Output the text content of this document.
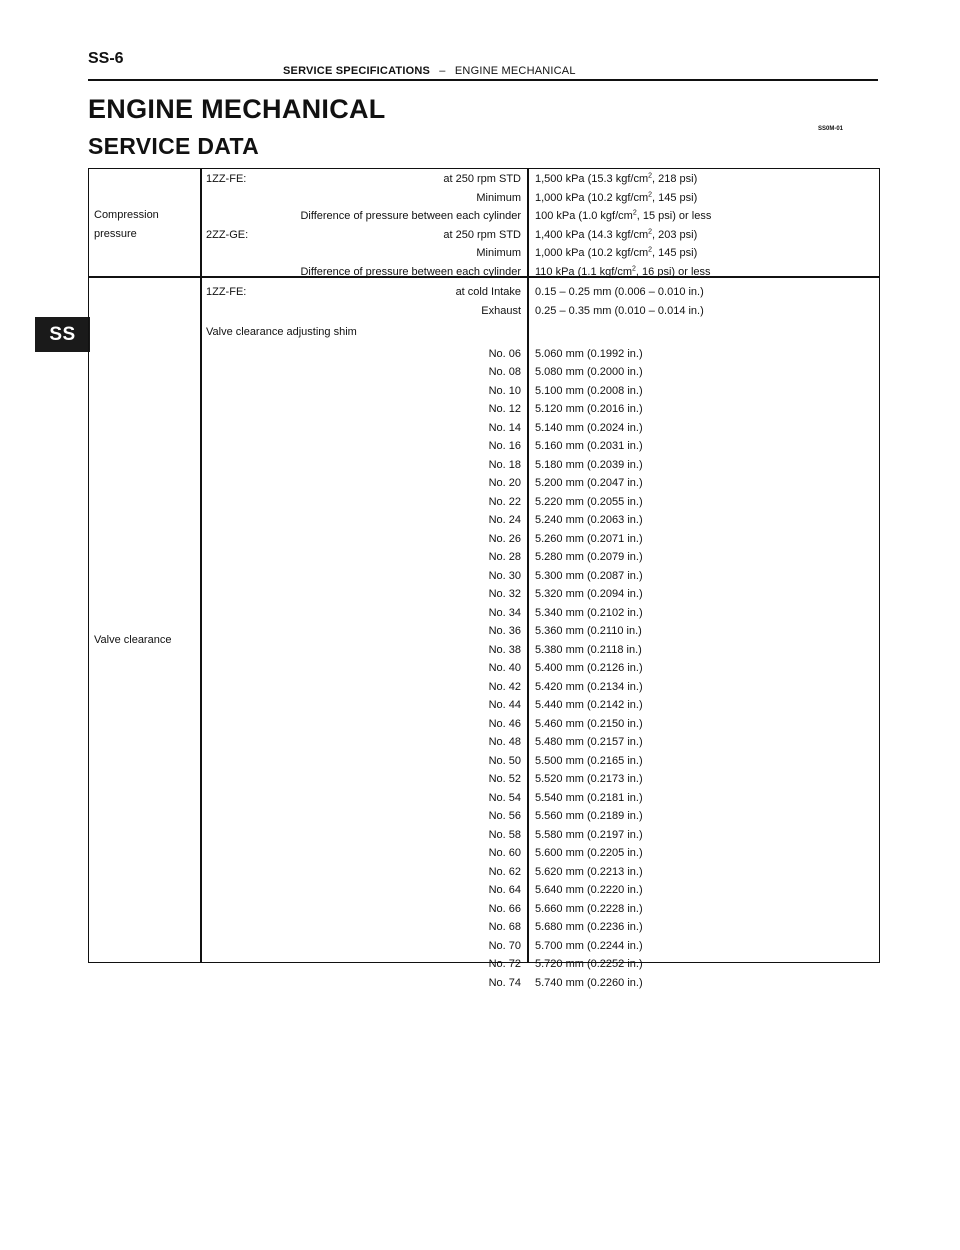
SS-6
SERVICE SPECIFICATIONS – ENGINE MECHANICAL
ENGINE MECHANICAL
SERVICE DATA
SS0M-01
SS
Compression
pressure
1ZZ-FE:	at 250 rpm STD 1,500 kPa (15.3 kgf/$cm^2$, 218 psi)
Minimum 1,000 kPa (10.2 kgf/$cm^2$, 145 psi)
Difference of pressure between each cylinder 100 kPa (1.0 kgf/$cm^2$, 15 psi) or less
2ZZ-GE:	at 250 rpm STD 1,400 kPa (14.3 kgf/$cm^2$, 203 psi)
Minimum 1,000 kPa (10.2 kgf/$cm^2$, 145 psi)
Difference of pressure between each cylinder 110 kPa (1.1 kgf/$cm^2$, 16 psi) or less
1ZZ-FE:	at cold Intake 0.15 – 0.25 mm (0.006 – 0.010 in.)
Exhaust 0.25 – 0.35 mm (0.010 – 0.014 in.)
Valve clearance adjusting shim
No. 06 5.060 mm (0.1992 in.)
No. 08 5.080 mm (0.2000 in.)
No. 10 5.100 mm (0.2008 in.)
No. 12 5.120 mm (0.2016 in.)
No. 14 5.140 mm (0.2024 in.)
No. 16 5.160 mm (0.2031 in.)
No. 18 5.180 mm (0.2039 in.)
No. 20 5.200 mm (0.2047 in.)
No. 22 5.220 mm (0.2055 in.)
No. 24 5.240 mm (0.2063 in.)
No. 26 5.260 mm (0.2071 in.)
No. 28 5.280 mm (0.2079 in.)
No. 30 5.300 mm (0.2087 in.)
No. 32 5.320 mm (0.2094 in.)
No. 34 5.340 mm (0.2102 in.)
No. 36 5.360 mm (0.2110 in.)
No. 38 5.380 mm (0.2118 in.)
No. 40 5.400 mm (0.2126 in.)
No. 42 5.420 mm (0.2134 in.)
No. 44 5.440 mm (0.2142 in.)
No. 46 5.460 mm (0.2150 in.)
No. 48 5.480 mm (0.2157 in.)
No. 50 5.500 mm (0.2165 in.)
No. 52 5.520 mm (0.2173 in.)
No. 54 5.540 mm (0.2181 in.)
No. 56 5.560 mm (0.2189 in.)
No. 58 5.580 mm (0.2197 in.)
No. 60 5.600 mm (0.2205 in.)
No. 62 5.620 mm (0.2213 in.)
No. 64 5.640 mm (0.2220 in.)
No. 66 5.660 mm (0.2228 in.)
No. 68 5.680 mm (0.2236 in.)
No. 70 5.700 mm (0.2244 in.)
No. 72 5.720 mm (0.2252 in.)
No. 74 5.740 mm (0.2260 in.)
Valve clearance
